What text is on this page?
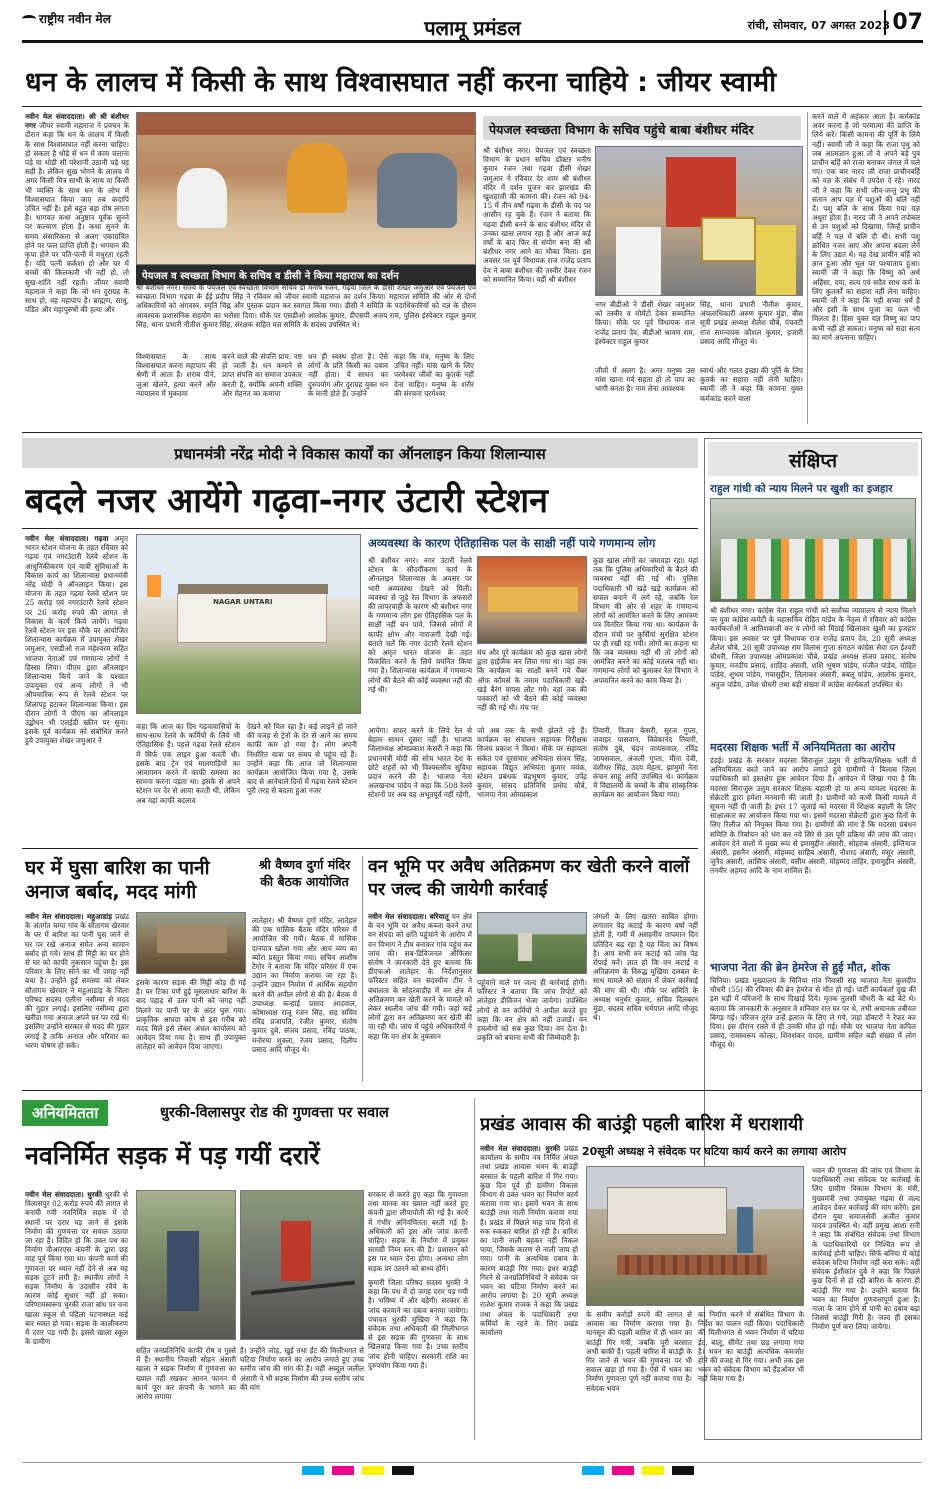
राष्ट्रीय नवीन मेल	पलामू प्रमंडल	रांची, सोमवार, 07 अगस्त 2023 07
धन के लालच में किसी के साथ विश्वासघात नहीं करना चाहिये : जीयर स्वामी
नवीन मेल संवाददाता। श्री श्री बंशीधर नगर जीयर स्वामी महाराज ने प्रवचन के दौरान कहा कि धन के लालच में किसी के साथ विश्वासघात नहीं करना चाहिए। हो सकता है थोड़े से धन में काम चलाना पड़े या थोड़ी सी परेशानी उठानी पड़े यह सही है। लेकिन सुख भोगने के लालच में अगर किसी मित्र साथी के साथ या किसी भी व्यक्ति के साथ धन के लोभ में विश्वासघात किया जाए तब कदापि उचित नहीं है। इसे बहुत बड़ा दोष लगता है। भागवत कथा अनुष्ठान पूर्वक सुनने पर कल्याण होता है। कथा सुनने के समय संसारिकता से अलग एकाग्रचित होने पर फल प्राप्ति होती है। भगवान की कृपा होने पर पति-पत्नी में मधुरता रहती है। यदि पत्नी कर्कशा हो और घर में बच्चों की किलकारी भी नहीं हो, तो सुख-शांति नहीं रहती। जीयर स्वामी महाराज ने कहा कि जो धन दुराग्रह के साथ हो, वह महापाप है। ब्राह्मण, साधु, पंडित और महापुरुषों की हत्या और
पेयजल व स्वच्छता विभाग के सचिव व डीसी ने किया महाराज का दर्शन
श्री बंशीधर नगर। राज्य के पेयजल एवं स्वच्छता विभाग सचिव डॉ मनीष रंजन, गढ़वा जिले के डीसी शेखर जमुआर एवं पेयजल एवं स्वच्छता विभाग गढ़वा के ईई प्रदीप सिंह ने रविवार को जीयर स्वामी महाराज का दर्शन किया। महाराज समिति की ओर से दोनों अधिकारियों को अंगवस्त्र, स्मृति चिह्न और पुस्तक प्रदान कर स्वागत किया गया। डीसी ने समिति के पदाधिकारियों को यज्ञ के दौरान आवश्यक प्रशासनिक सहयोग का भरोसा दिया। मौके पर एसडीओ आलोक कुमार, डीएसपी अजय राम, पुलिस इंस्पेक्टर राहुल कुमार सिंह, थाना प्रभारी नीतीश कुमार सिंह, संरक्षक सहित यज्ञ समिति के सदस्य उपस्थित थे।
विश्वासघात के साथ विश्वासघात करना महापाप की श्रेणी में आता है। शराब पीने, जुआ खेलने, हत्या करने और न्यायालय में मुकदमा
करने वाले की संपत्ति प्राय: नष्ट हो जाती है। धन कमाने से प्राप्त संपत्ति का समाज उपकार करती है, क्योंकि अपनी शक्ति और मेहनत का कमाया
धन ही स्वस्थ होता है। ऐसे लोगों के प्रति किसी का दबाव नहीं होता। ये साधन का दुरुपयोग और दुराग्रह युक्त धन के मानी होते हैं। उन्होंने
कहा कि मंत्र, मनुष्य के लिए उचित नहीं। मांस खाने के लिए परमेश्वर जीवों का कुतर्क नहीं देना चाहिए। मनुष्य के शरीर की संरचना परमेश्वर
पेयजल स्वच्छता विभाग के सचिव पहुंचे बाबा बंशीधर मंदिर
श्री बंशीधर नगर। पेयजल एवं स्वच्छता विभाग के प्रधान सचिव डॉक्टर मनीष कुमार रंजन तथा गढ़वा डीसी शेखर जमुआर ने रविवार देर शाम श्री बंशीधर मंदिर में दर्शन पूजन कर झारखंड की खुशहाली की कामना की। रंजन को 94-15 में तीन वर्षों गढ़वा के डीसी के पद पर आसीन रह चुके हैं। रंजन ने बताया कि गढ़वा डीसी बनने के बाद बंशीधर मंदिर से उनका खास लगाव रहा है और आज कई वर्षों के बाद फिर से संयोग बना की श्री बंशीधर नगर आने का मौका मिला। इस अवसर पर पूर्व विधायक राज राजेंद्र प्रताप देव ने बाबा बंशीधर की तस्वीर देकर रंजन को सम्मानित किया। वहीं श्री बंशीधर
नगर बीडीओ ने डीसी शेखर जमुआर को तस्वीर व मोमेंटो देकर सम्मानित किया। मौके पर पूर्व विधायक राज राजेंद्र प्रताप देव, बीडीओ श्रावण राम, इंस्पेक्टर राहुल कुमार
सिंह, थाना प्रभारी नीतीश कुमार, अंचलाधिकारी अरुण कुमार मुंडा, बीस सूत्री प्रखंड अध्यक्ष शैलेश चौबे, पंचवटी राज समन्वयक कौशल कुमार, हजारी प्रसाद आदि मौजूद थे।
जीवों में अलग है। अगर मनुष्य उस मांस खाना गर्व सहता हो तो पाप का भागी बनता है। नाम लेना आवश्यक
स्वार्थ और गलत इच्छा की पूर्ति के लिए कुतर्क का सहारा नहीं लेनी चाहिए। स्वामी जी ने कहा कि कामना युक्त कर्मकांड करने वाला
करने वाले में अहंकार आता है। कर्मकांड अवर करना है जो परमात्मा की प्राप्ति के लिये करें। किसी कामना की पूर्ति के लिये नहीं। स्वामी जी ने कहा कि राजा पृथु को जब आत्मज्ञान हुआ तो वे अपने बड़े पुत्र प्राचीन बर्हि को राजा बनाकर जंगल में चले गए। एक बार नारद जी राजा प्राचीनबर्हि को यज्ञ के संबंध में उपदेश दे रहे। नारद जी ने कहा कि सभी जीव-जन्तु प्रभु की संतान आप यज्ञ में पशुओं की बलि नहीं दें। पशु बलि के साथ किया गया यज्ञ अधूरा होता है। नारद जी ने अपने तपोबल से उन पशुओं को दिखाया, जिन्हें प्राचीन बर्हि ने यज्ञ में बलि दी थी। सभी पशु क्रोधित नजर आए और अपना बदला लेने के लिए उद्यत थे। यह देख प्राचीन बर्हि को ज्ञान हुआ और भूल पर पश्चाताप हुआ। स्वामी जी ने कहा कि विष्णु को अर्थ अहिंसा, दया, सत्य एवं सदैव साथ कर्म के लिए कुतर्कों का सहारा नहीं लेना चाहिए। स्वामी जी ने कहा कि यही सच्चा धर्म है और इसी के साथ पूजा का फल भी मिलता है। हिंसा युक्त यज्ञ विष्णु का पाप कभी नहीं हो सकता। मनुष्य को सदा सत्य का मार्ग अपनाना चाहिए।
प्रधानमंत्री नरेंद्र मोदी ने विकास कार्यों का ऑनलाइन किया शिलान्यास
बदले नजर आयेंगे गढ़वा-नगर उंटारी स्टेशन
नवीन मेल संवाददाता। गढ़वा अमृत भारत स्टेशन योजना के तहत रविवार को गढ़वा एवं नगरउंटारी रेलवे स्टेशन के आधुनिकीकरण एवं यात्री सुविधाओं के विकास कार्य का शिलान्यास प्रधानमंत्री नरेंद्र मोदी ने ऑनलाइन किया। इस योजना के तहत गढ़वा रेलवे स्टेशन पर 25 करोड़ एवं नगरउंटारी रेलवे स्टेशन पर 26 करोड़ रुपये की लागत से विकास के कार्य किये जायेंगे। गढ़वा रेलवे स्टेशन पर इस मौके पर आयोजित शिलान्यास कार्यक्रम में उपायुक्त शेखर जमुआर, एसडीओ राज महेश्वरम सहित भाजपा नेताओं एवं गणमान्य लोगों ने हिस्सा लिया। पीएम द्वारा ऑनलाइन शिलान्यास किये जाने के पश्चात उपायुक्त एवं अन्य लोगों ने भी औपचारिक रूप से रेलवे स्टेशन पर शिलापट्ट हटाकर शिलान्यास किया। इस दौरान लोगों ने पीएम का ऑनलाइन उद्बोधन भी एलईडी स्क्रीन पर सुना। इसके पूर्व कार्यक्रम को संबोधित करते हुये उपायुक्त शेखर जमुआर ने
NAGAR UNTARI
अव्यवस्था के कारण ऐतिहासिक पल के साक्षी नहीं पाये गणमान्य लोग
श्री बंशीधर नगर। नगर उंटारी रेलवे स्टेशन के सौंदर्यीकरण कार्य के ऑनलाइन शिलान्यास के अवसर पर भारी अव्यवस्था देखने को मिली। व्यवस्था से जुड़े रेल विभाग के अफसरों की लापरवाही के कारण श्री बंशीधर नगर के गणमान्य लोग इस ऐतिहासिक पल के साक्षी नहीं बन पाये, जिससे लोगों में काफी क्षोभ और नाराजगी देखी गई। बताते चलें कि नगर उंटारी रेलवे स्टेशन को अमृत भारत योजना के तहत विकसित करने के लिये चयनित किया गया है। शिलान्यास कार्यक्रम में गणमान्य लोगों की बैठने की कोई व्यवस्था नहीं की गई थी।
मंच और पूरे कार्यक्रम को कुछ खास लोगों द्वारा हाईजैक कर लिया गया था। वहां तक कि कार्यक्रम का साक्षी बनने गये चैंबर ऑफ कॉमर्स के तमाम पदाधिकारी खड़े-खड़े बैरंग वापस लौट गये। वहां तक की पत्रकारों को भी बैठने की कोई व्यवस्था नहीं की गई थी। मंच पर
कुछ खास लोगों का जमावड़ा रहा। यहां तक कि पुलिस अधिकारियों के बैठने की व्यवस्था नहीं की गई थी। पुलिस पदाधिकारी भी खड़े खड़े कार्यक्रम को सफल बनाने में लगे रहे, जबकि रेल विभाग की ओर से शहर के गणमान्य लोगों को आमंत्रित करने के लिए आमंत्रण पत्र वितरित किया गया था। कार्यक्रम के दौरान मंचों पर कुर्सियां सुरक्षित स्टेशन पर ही रखी रह गयीं। लोगों का कहना था कि जब व्यवस्था नहीं थी तो लोगों को आमंत्रित करने का कोई मतलब नहीं था। गणमान्य लोगों को बुलाकर रेल विभाग ने अपमानित करने का काम किया है।
कहा कि आज का दिन गढ़वावासियों के साथ-साथ रेलवे के कर्मियों के लिये भी ऐतिहासिक है। पहले गढ़वा रेलवे स्टेशन में सिर्फ एक लाइन हुआ करती थी। इसके बाद ट्रेन एवं मालगाड़ियों का आवागमन करने में काफी समस्या का सामना करना पड़ता था। इसके से अपने स्टेशन पर देर से आया करती थी, लेकिन अब यहां काफी बदलाव
देखने को मिल रहा है। कई लाइनें हो जाने की वजह से ट्रेनों के देर से आने का समय काफी कम हो गया है। लोग अपनी निर्धारित यात्रा पर समय से पहुंच रहे हैं। उन्होंने कहा कि आज जो शिलान्यास कार्यक्रम आयोजित किया गया है, उसके बाद से आनेवाले दिनों में गढ़वा रेलवे स्टेशन पूरी तरह से बदला हुआ नजर
आयेगा। सफर करने के लिये रेल से बेहतर साधन दूसरा नहीं है। भाजपा जिलाध्यक्ष ओमप्रकाश केसरी ने कहा कि प्रधानमंत्री मोदी की सोच भारत देश के छोटे शहरों को भी विश्वस्तरीय सुविधा प्रदान करने की है। भाजपा नेता अलखनाथ पांडेय ने कहा कि 508 रेलवे स्टेशनों पर अब यह अभूतपूर्व नहीं रहेगी,
जो अब तक के सभी झेलते रहे हैं। कार्यक्रम का संचालन सहायक निरीक्षक विजय प्रकाश ने किया। मौके पर सहायता संकेत एवं दूरसंचार अभियंता संजय सिंह, सहायक विद्युत अभियंता कुमार मयंक, स्टेशन प्रबंधक चंद्रभूषण कुमार, उपेंद्र कुमार, सांसद प्रतिनिधि प्रमोद चौबे, भाजपा नेता ओमप्रकाश
तिवारी, विजय केसरी, सुरज गुप्ता, जवाहर पासवान, विवेकानंद तिवारी, संतोष दुबे, चंदन जायसवाल, रविंद्र जायसवाल, अंजली गुप्ता, मीना देवी, वंशीधर सिंह, उदय मेहता, झामुमो नेता कंचन साहू आदि उपस्थित थे। कार्यक्रम में विद्यालयों के बच्चों के बीच सांस्कृतिक कार्यक्रम का आयोजन किया गया।
संक्षिप्त
राहुल गांधी को न्याय मिलने पर खुशी का इजहार
श्री बंशीधर नगर। कांग्रेस नेता राहुल गांधी को सर्वोच्च न्यायालय से न्याय मिलने पर युवा कांग्रेस कमेटी के महासचिव रोहित पांडेय के नेतृत्व में रविवार को कांग्रेस कार्यकर्ताओं ने आतिशबाजी कर व लोगों को मिठाई खिलाकर खुशी का इजहार किया। इस अवसर पर पूर्व विधायक राज राजेंद्र प्रताप देव, 20 सूत्री अध्यक्ष शैलेश चौबे, 20 सूत्री उपाध्यक्ष राम विलास गुप्ता संगठन कांग्रेस सेवा दल ईश्वरी चौधरी, जिला उपाध्यक्ष ओमप्रकाश चौबे, प्रखंड अध्यक्ष संजय प्रसाद, संतोष कुमार, मनदीप प्रसाद, शाहिद अंसारी, शशि भूषण पांडेय, मंजीत पांडेय, मोहित पांडेय, शुभम पांडेय, गयासुद्दीन, लिलाकर अंसारी, बबलू पांडेय, आलोक कुमार, अनुज पांडेय, उमेश चौधरी तथा बड़ी संख्या में कांग्रेस कार्यकर्ता उपस्थित थे।
मदरसा शिक्षक भर्ती में अनियमितता का आरोप
डंडई। प्रखंड के सरकार मदरसा सिराजुल उलूम में हाफिज/शिक्षक भर्ती में अनियमितता बरते जाने का आरोप लगाते हुये ग्रामीणों ने विलास जिला पदाधिकारी को इस्तक्षेप हुक आवेदन दिया है। आवेदन में लिखा गया है कि मदरसा सिराजुल उलूम सरकार शिक्षक बहाली हो या अन्य मामला मदरसा के सेक्रेटरी द्वारा हमेशा मनमानी की जाती है। ग्रामीणों को कभी किसी मामले में सूचना नहीं दी जाती है। इधर 17 जुलाई को मदरसा में शिक्षक बहाली के लिए साक्षात्कार का आयोजन किया गया था। इसमें मदरसा सेक्रेटरी द्वारा कुछ दिनों के लिए रिलीज को नियुक्त किया गया है। ग्रामीणों की मांग है कि मदरसा प्रबंधन समिति के निर्वाचन को भंग कर नये सिरे से उस पूरी प्रक्रिया की जांच की जाए। आवेदन देने वालों में मुख्य रूप से इमामुद्दीन अंसारी, सोहराब अंसारी, इम्तियाज अंसारी, हसनैन अंसारी, मोहम्मद साहिब अंसारी, नौशाद अंसारी, मंसूर अंसारी, जुनैद अंसारी, आसिफ अंसारी, वसीम अंसारी, मोहम्मद ताहिर, इमामुद्दीन अंसारी, तनवीर अहमद आदि के नाम शामिल हैं।
भाजपा नेता की ब्रेन हेमरेज से हुई मौत, शोक
चिनिया। प्रखंड मुख्यालय के चिनिया गांव निवासी सह भाजपा नेता कुलदीप चौधरी (55) की रविवार की ब्रेन हेमरेज से मौत हो गई। पार्टी कार्यकर्ता दुख की इस घड़ी में परिजनों के साथ दिखाई दिये। मृतक तुलसी चौधरी के बड़े बेटे थे। बताया कि जानकारी के अनुसार वे शनिवार रात घर पर थे, तभी अचानक तबीयत बिगड़ गई। परिजन तुरंत उन्हें इलाज के लिए ले गये, जहां डॉक्टरों ने रेफर कर दिया। इस दौरान रास्ते में ही उनकी मौत हो गई। मौके पर भाजपा नेता कपिल प्रसाद, रामस्वरूप कोल्हा, शिवशंकर यादव, ग्रामीण सहित बड़ी संख्या में लोग मौजूद थे।
घर में घुसा बारिश का पानी अनाज बर्बाद, मदद मांगी
नवीन मेल संवाददाता। महुआडांड़ प्रखंड के अंतर्गत चम्पा गांव के सौतागम खेरवार के घर में बारिश का पानी घुस जाने से घर पर रखे अनाज समेत अन्य सामान बर्बाद हो गये। साथ ही मिट्टी का घर होने से घर को काफी नुकसान पहुंचा है। इस परिवार के लिए सोने का भी जगह नहीं बचा है। उन्होंने हुई समस्या को लेकर सौतागम खेरवार ने महुआडांड़ के जिला परिषद सदस्य एलीना नसीम्या से मदद की गुहार लगाई। इसलिए नसीम्या द्वारा खरीदा गया अनाज अपने घर पर रखे थे। इसलिए उन्होंने सरकार से मदद की गुहार लगाई है ताकि अनाज और परिवार का भरण पोषण हो सके।
इसके कारण सड़क की मिट्टी कोड़ दी गई है। घर टिका पर्ण हुई मूसलाधार बारिश के बाद पहाड़ से उतर पानी को जगह नहीं मिलने पर पानी घर के अंदर घुस गया। प्राकृतिक आपदा कोष से इस गरीब को मदद मिले इसे लेकर अंचल कार्यालय को आवेदन दिया गया है। साथ ही उपायुक्त लातेहार को आवेदन दिया जाएगा।
श्री वैष्णव दुर्गा मंदिर की बैठक आयोजित
लातेहार। श्री वैष्णव दुर्गा मंदिर, लातेहार की एक मासिक बैठक मंदिर परिसर में आयोजित की गयी। बैठक में मासिक दानपात्र खोला गया और आय व्यय का ब्योरा प्रस्तुत किया गया। सचिव आशीष टैगोर ने बताया कि मंदिर परिसर में एक उद्यान का निर्माण कराया जा रहा है। उन्होंने उद्यान निर्माण में आर्थिक सहयोग करने की अपील लोगों से की है। बैठक में उपाध्यक्ष कन्हाई प्रसाद आदवाल, कोषाध्यक्ष राजू रंजन सिंह, सह सचिव रविंद्र प्रजापति, रंजीत कुमार, संतोष कुमार दुबे, संजय प्रसाद, रविंद्र पाठक, मनोरमा शुक्ला, रंजय प्रसाद, दिलीप प्रसाद आदि मौजूद थे।
वन भूमि पर अवैध अतिक्रमण कर खेती करने वालों पर जल्द की जायेगी कार्रवाई
नवीन मेल संवाददाता। बरियातू वन क्षेत्र के वन भूमि पर अवैध कब्जा करने तथा वन संपदा को क्षति पहुंचाने के आरोप में वन विभाग ने टीम बनाकर गांव पहुंच कर जांच की। सब-डिविजनल ऑफिसर संतोष ने जानकारी देते हुए बताया कि डीएफओ लातेहार के निर्देशानुसार फॉरेस्टर सहित वन सदस्यीय टीम ने बघालता के सोहरवाडीह में वन क्षेत्र में अतिक्रमण कर खेती करने के मामले को लेकर स्थलीय जांच की गयी। जहां कई लोगों द्वारा वन अतिक्रमण कर खेती की जा रही थी। जांच में पहुंचे अधिकारियों ने कहा कि वन क्षेत्र के नुकसान
पहुंचाने वाले पर जल्द ही कार्रवाई होगी। फॉरेस्टर ने बताया कि जांच रिपोर्ट को लातेहार डीविजन भेजा जायेगा। उपस्थित लोगों से वन कर्मियों ने अपील करते हुए कहा कि वन क्षेत्र को नहीं उजाड़ें। वन हमलोगों को सब कुछ दिया। वन देता है। प्रकृति को बचाना सभी की जिम्मेदारी है।
जंगलों के लिए खतरा साबित होगा। लगातार पेड़ कटाई के कारण वर्षा नहीं होती है, गर्मी में असहनीय तापमान दिन प्रतिदिन बढ़ रहा है यह चिंता का विषय है। आप सभी वन कटाई को जांच पेड़ रोपाई करें। ज्ञात हो कि वन कटाई व अतिक्रमण के विरुद्ध मुखिया दलबल के साथ मामले को संज्ञान में लेकर कार्रवाई की मांग की थी। मौके पर समिति के अध्यक्ष धनुर्धर कुमार, सचिव दिलबरन मुंडा, सदस्य सचिव धर्मपाल आदि मौजूद थे।
अनियमितता	धुरकी-विलासपुर रोड की गुणवत्ता पर सवाल
नवनिर्मित सड़क में पड़ गयीं दरारें
नवीन मेल संवाददाता। धुरकी धुरकी से विलासपुर 02 करोड़ रुपये की लागत से बनायी गयी नवनिर्मित सड़क में दो स्थानों पर दरार पड़ जाने से इसके निर्माण की गुणवत्ता पर सवाल उठाया जा रहा है। विदित हो कि उक्त पथ का निर्माण वीआरएस कंपनी के द्वारा छह माह पूर्व किया गया था। कंपनी कार्य की गुणवत्ता पर ध्यान नहीं देने से अब यह सड़क टूटने लगी है। स्थानीय लोगों ने सड़क निर्माण के उदासीन रवैये के कारण कोई सुधार नहीं हो सका। परिणामस्वरूप धुरकी राजा बांध पर वना खाला स्कूल से पहिला घटनास्थल कई बार ध्वस्त हो गया। सड़क के कालीकरण में दरार पड़ गयी है। इससे खाला स्कूल के ग्रामीण
सहित जनप्रतिनिधि काफी रोष व गुस्से में हैं। स्थानीय निवासी सोहन अंसारी खाला ने सड़क निर्माण में गुणवत्ता का ख्याल नहीं रखकर आनन फानन में कार्य पूरा कर कंपनी के भागने का आरोप लगाया
है। उन्होंने जोड़, खुई तथा ईंट की मिलीभगत से घटिया निर्माण करने का आरोप लगाते हुए उच्च स्तरीय जांच की मांग की है। वहीं अब्दुल जलील अंसारी ने भी सड़क निर्माण की उच्च स्तरीय जांच की मांग
सरकार से करते हुए कहा कि गुणवत्ता तथा मानक का ख्याल नहीं करते हुए कंपनी द्वारा लीपापोती की गई है। कार्य में गंभीर अनियमितता बरती गई है। अधिकारी को इस ओर जांच करनी चाहिए। सड़क के निर्माण में प्रयुक्त सामग्री निम्न स्तर की है। प्रशासन को इस पर ध्यान देना होगा। अन्यथा लोग सड़क पर उतरने को बाध्य होंगे।
कुमारी जिला परिषद सदस्य धुरकी ने कहा कि पथ में दो जगह दरार पड़ गयी है। भविष्य में और बड़ेगी। सरकार से जांच करवाने का दबाव बनाया जायेगा। पंचायत धुरकी मुखिया ने कहा कि संवेदक तथा अधिकारी की मिलीभगत से इस सड़क की गुणवत्ता के साथ खिलवाड़ किया गया है। उच्च स्तरीय जांच होनी चाहिए। सरकारी राशि का दुरुपयोग किया गया है।
प्रखंड आवास की बाउंड्री पहली बारिश में धराशायी
20सूत्री अध्यक्ष ने संवेदक पर घटिया कार्य करने का लगाया आरोप
नवीन मेल संवाददाता। धुरकी प्रखंड कार्यालय के समीप नव निर्मित अंचल तथा प्रखंड आवास भवन के बाउंड्री बरसात के पहली बारिश में गिर गया। कुछ दिन पूर्व ही ग्रामीण विकास विभाग से उक्त भवन का निर्माण कार्य कराया गया था। इसमें भवन के साथ बाउंड्री तथा नाली निर्माण कराया गया है। प्रखंड में पिछले माह पांच दिनों से रुक रुककर बारिश हो रही है। बारिश का पानी नाली बहकर नहीं निकल पाया, जिसके कारण से नाली जाम हो गया। पानी के अत्यधिक दबाव के कारण बाउंड्री गिर गया। इधर बाउंड्री गिरने से जनप्रतिनिधियों ने संवेदक पर भवन का घटिया निर्माण करने का आरोप लगाया है। 20 सूत्री अध्यक्ष राजेश कुमार राजक ने कहा कि प्रखंड तथा अंचल के पदाधिकारी तथा कर्मियों के रहने के लिए प्रखंड कार्यालय
के समीप करोड़ों रुपये की लागत से आवास का निर्माण कराया गया है। मानसून की पहली बारिश में ही भवन का बाउंड्री गिर गयी, जबकि पूरी बरसात अभी बाकी है। पहली बारिश में बाउंड्री के गिर जाने से भवन की गुणवत्ता पर भी सवाल खड़ा हो गया है। ऐसे में भवन का निर्माण गुणवत्ता पूर्ण नहीं कराया गया है। संवेदक भवन
का निर्माण करने में संबंधित विभाग के निर्देश का पालन नहीं किया। पदाधिकारी की मिलीभगत से भवन निर्माण में घटिया ईंट, बालू, सीमेंट तथा छड़ लगाया गया है। भवन का बाउंड्री अत्यधिक कमजोर होने की वजह से गिर गया। अभी तक इस भवन को संवेदक विभाग को हैंडओवर भी नहीं किया गया है।
भवन की गुणवत्ता की जांच एवं विभाग के पदाधिकारी तथा संवेदक पर कार्रवाई के लिए ग्रामीण विकास विभाग के मंत्री, मुख्यमंत्री तथा उपायुक्त गढ़वा से जल्द आवेदन देकर कार्रवाई की मांग करेंगे। इस दौरान युवा समाजसेवी अजीत कुमार यादव उपस्थित थे। वहीं प्रमुख आशा रानी ने कहा कि संबंधित संवेदक तथा विभाग के पदाधिकारियों पर निश्चित रूप से कार्रवाई होनी चाहिए। सिर्फ बनिया में कोई संवेदक घटिया निर्माण नहीं करा सके। वहीं संवेदक ईशीकांत दुबे ने कहा कि पिछले कुछ दिनों से हो रही बारिश के कारण ही बाउंड्री गिर गया है। उन्होंने बताया कि भवन का निर्माण गुणवत्तापूर्ण हुआ है। नाला के जाम होने से पानी का दबाव बढ़ा जिससे बाउंड्री गिरी है। जल्द ही इसका निर्माण पूर्ण करा लिया जायेगा।
